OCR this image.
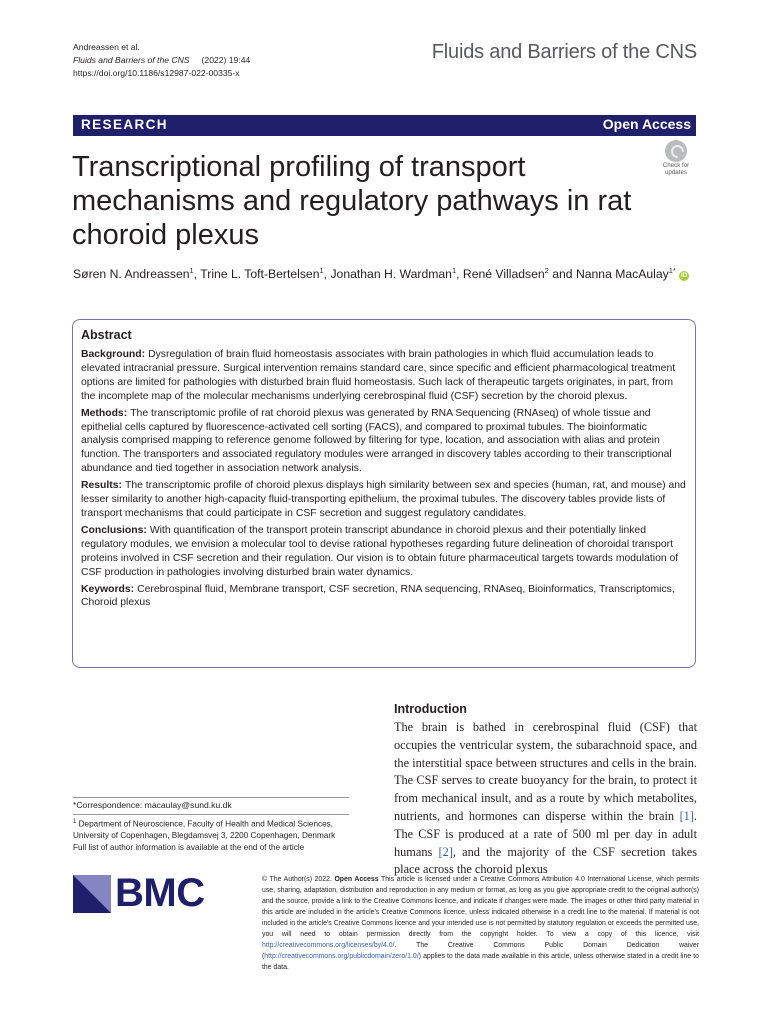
Andreassen et al.
Fluids and Barriers of the CNS (2022) 19:44
https://doi.org/10.1186/s12987-022-00335-x
Fluids and Barriers of the CNS
RESEARCH	Open Access
Transcriptional profiling of transport mechanisms and regulatory pathways in rat choroid plexus
Check for
updates
Søren N. Andreassen$^1$, Trine L. Toft-Bertelsen$^1$, Jonathan H. Wardman$^1$, René Villadsen$^2$ and Nanna MacAulay$^{1*}$ iD
Abstract

Background: Dysregulation of brain fluid homeostasis associates with brain pathologies in which fluid accumulation leads to elevated intracranial pressure. Surgical intervention remains standard care, since specific and efficient pharmacological treatment options are limited for pathologies with disturbed brain fluid homeostasis. Such lack of therapeutic targets originates, in part, from the incomplete map of the molecular mechanisms underlying cerebrospinal fluid (CSF) secretion by the choroid plexus.

Methods: The transcriptomic profile of rat choroid plexus was generated by RNA Sequencing (RNAseq) of whole tissue and epithelial cells captured by fluorescence-activated cell sorting (FACS), and compared to proximal tubules. The bioinformatic analysis comprised mapping to reference genome followed by filtering for type, location, and association with alias and protein function. The transporters and associated regulatory modules were arranged in discovery tables according to their transcriptional abundance and tied together in association network analysis.

Results: The transcriptomic profile of choroid plexus displays high similarity between sex and species (human, rat, and mouse) and lesser similarity to another high-capacity fluid-transporting epithelium, the proximal tubules. The discovery tables provide lists of transport mechanisms that could participate in CSF secretion and suggest regulatory candidates.

Conclusions: With quantification of the transport protein transcript abundance in choroid plexus and their potentially linked regulatory modules, we envision a molecular tool to devise rational hypotheses regarding future delineation of choroidal transport proteins involved in CSF secretion and their regulation. Our vision is to obtain future pharmaceutical targets towards modulation of CSF production in pathologies involving disturbed brain water dynamics.

Keywords: Cerebrospinal fluid, Membrane transport, CSF secretion, RNA sequencing, RNAseq, Bioinformatics, Transcriptomics, Choroid plexus

*Correspondence: macaulay@sund.ku.dk
$^1$ Department of Neuroscience, Faculty of Health and Medical Sciences,
University of Copenhagen, Blegdamsvej 3, 2200 Copenhagen, Denmark
Full list of author information is available at the end of the article
Introduction
The brain is bathed in cerebrospinal fluid (CSF) that occupies the ventricular system, the subarachnoid space, and the interstitial space between structures and cells in the brain. The CSF serves to create buoyancy for the brain, to protect it from mechanical insult, and as a route by which metabolites, nutrients, and hormones can disperse within the brain [1]. The CSF is produced at a rate of 500 ml per day in adult humans [2], and the majority of the CSF secretion takes place across the choroid plexus
BMC	© The Author(s) 2022. Open Access This article is licensed under a Creative Commons Attribution 4.0 International License, which permits use, sharing, adaptation, distribution and reproduction in any medium or format, as long as you give appropriate credit to the original author(s) and the source, provide a link to the Creative Commons licence, and indicate if changes were made. The images or other third party material in this article are included in the article's Creative Commons licence, unless indicated otherwise in a credit line to the material. If material is not included in the article's Creative Commons licence and your intended use is not permitted by statutory regulation or exceeds the permitted use, you will need to obtain permission directly from the copyright holder. To view a copy of this licence, visit http://creativecommons.org/licenses/by/4.0/. The Creative Commons Public Domain Dedication waiver (http://creativecommons.org/publicdomain/zero/1.0/) applies to the data made available in this article, unless otherwise stated in a credit line to the data.
